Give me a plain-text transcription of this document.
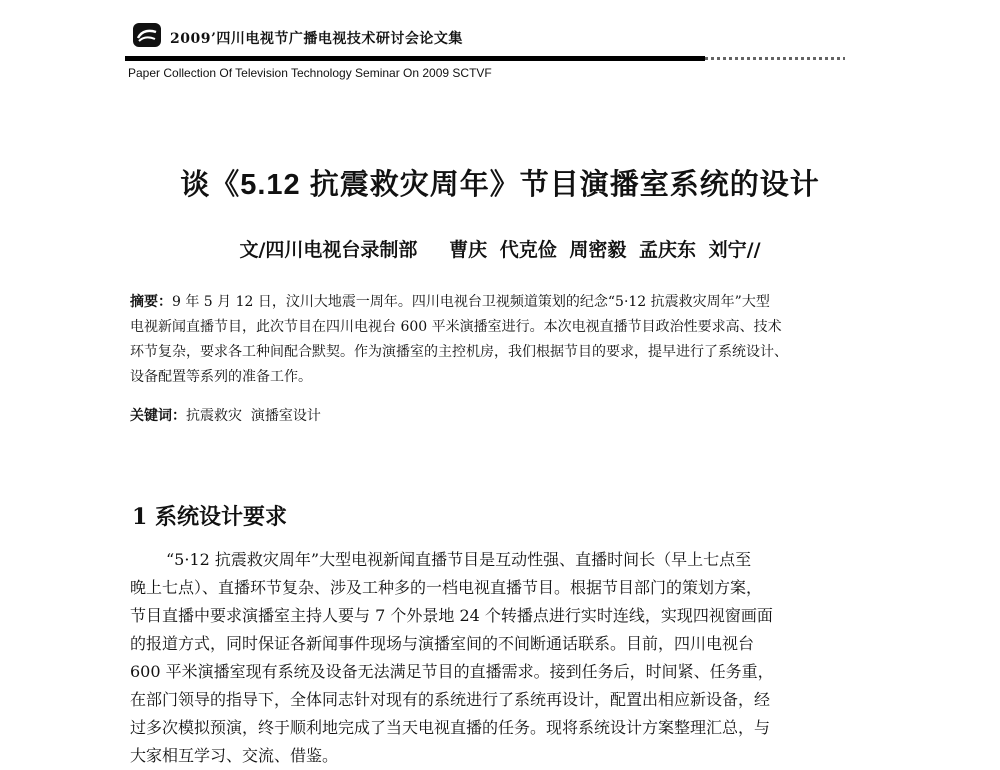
2009’四川电视节广播电视技术研讨会论文集
Paper Collection Of Television Technology Seminar On 2009 SCTVF
谈《5.12 抗震救灾周年》节目演播室系统的设计
文/四川电视台录制部 曹庆 代克俭 周密毅 孟庆东 刘宁//
摘要：9 年 5 月 12 日，汶川大地震一周年。四川电视台卫视频道策划的纪念“5·12 抗震救灾周年”大型
电视新闻直播节目，此次节目在四川电视台 600 平米演播室进行。本次电视直播节目政治性要求高、技术
环节复杂，要求各工种间配合默契。作为演播室的主控机房，我们根据节目的要求，提早进行了系统设计、
设备配置等系列的准备工作。
关键词：抗震救灾  演播室设计
1 系统设计要求
“5·12 抗震救灾周年”大型电视新闻直播节目是互动性强、直播时间长（早上七点至
晚上七点）、直播环节复杂、涉及工种多的一档电视直播节目。根据节目部门的策划方案，
节目直播中要求演播室主持人要与 7 个外景地 24 个转播点进行实时连线，实现四视窗画面
的报道方式，同时保证各新闻事件现场与演播室间的不间断通话联系。目前，四川电视台
600 平米演播室现有系统及设备无法满足节目的直播需求。接到任务后，时间紧、任务重，
在部门领导的指导下，全体同志针对现有的系统进行了系统再设计，配置出相应新设备，经
过多次模拟预演，终于顺利地完成了当天电视直播的任务。现将系统设计方案整理汇总，与
大家相互学习、交流、借鉴。
